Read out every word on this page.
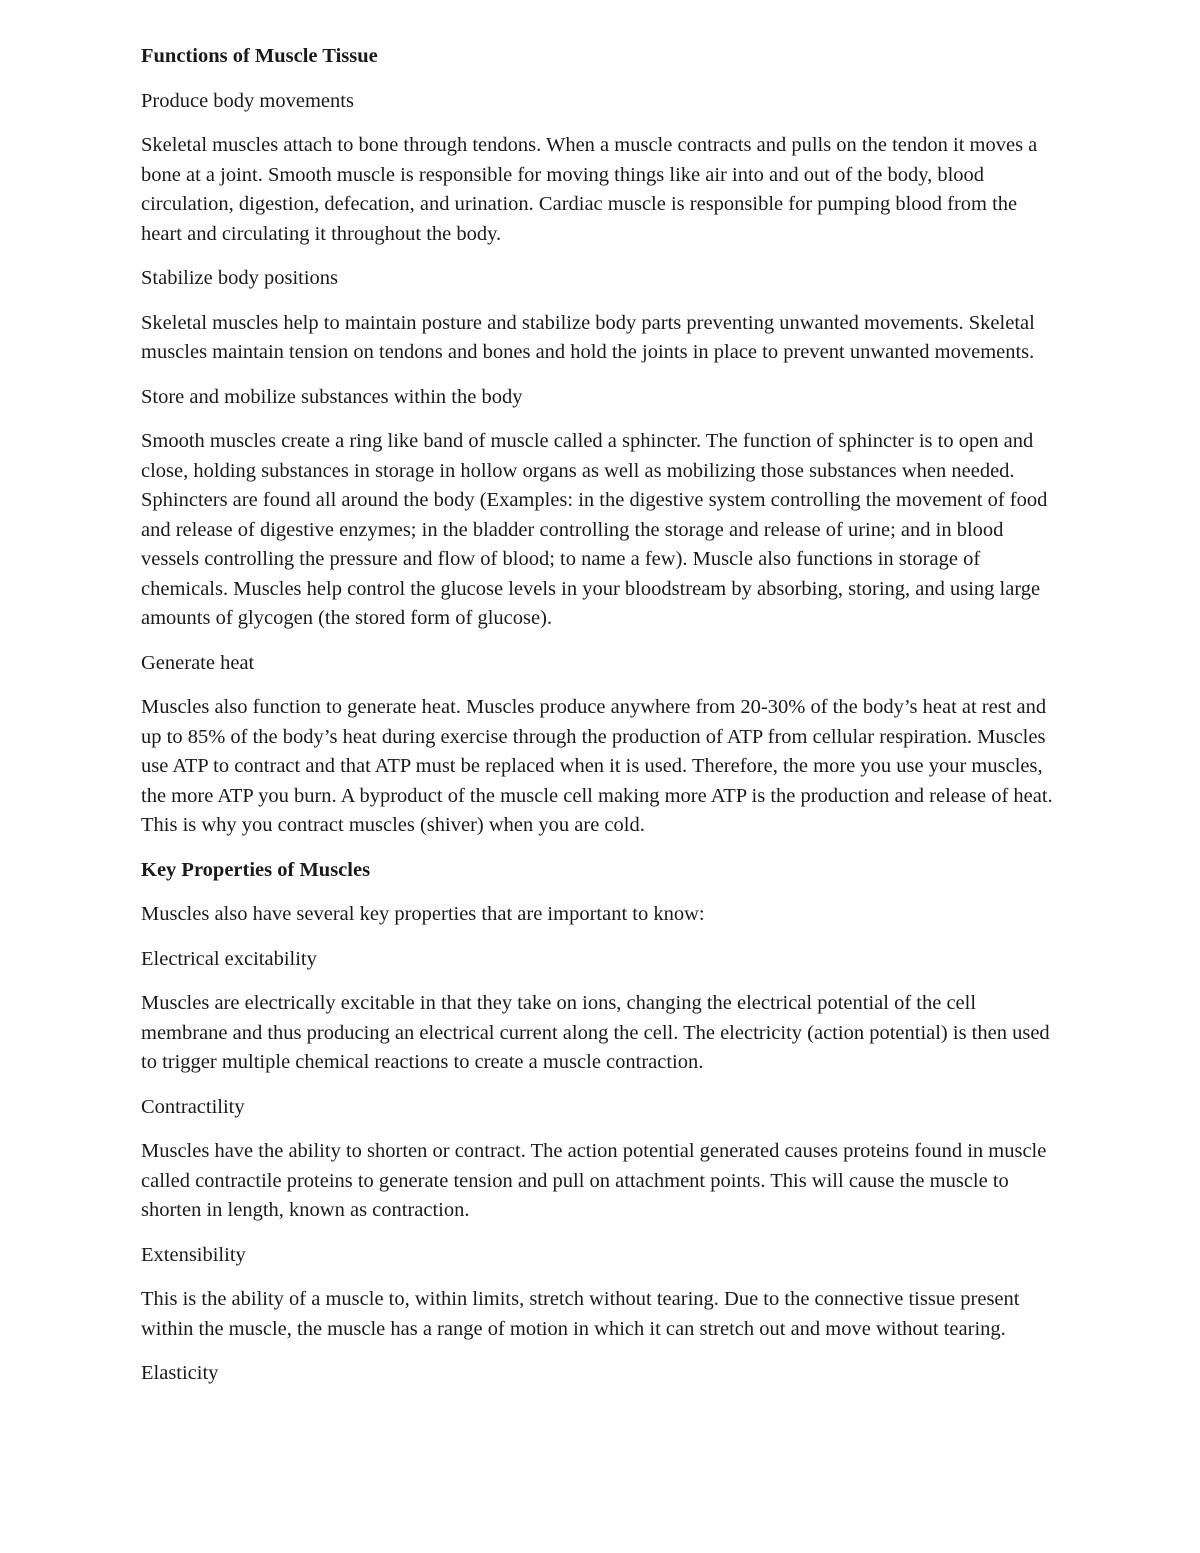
Functions of Muscle Tissue
Produce body movements
Skeletal muscles attach to bone through tendons. When a muscle contracts and pulls on the tendon it moves a bone at a joint. Smooth muscle is responsible for moving things like air into and out of the body, blood circulation, digestion, defecation, and urination. Cardiac muscle is responsible for pumping blood from the heart and circulating it throughout the body.
Stabilize body positions
Skeletal muscles help to maintain posture and stabilize body parts preventing unwanted movements. Skeletal muscles maintain tension on tendons and bones and hold the joints in place to prevent unwanted movements.
Store and mobilize substances within the body
Smooth muscles create a ring like band of muscle called a sphincter. The function of sphincter is to open and close, holding substances in storage in hollow organs as well as mobilizing those substances when needed. Sphincters are found all around the body (Examples: in the digestive system controlling the movement of food and release of digestive enzymes; in the bladder controlling the storage and release of urine; and in blood vessels controlling the pressure and flow of blood; to name a few). Muscle also functions in storage of chemicals. Muscles help control the glucose levels in your bloodstream by absorbing, storing, and using large amounts of glycogen (the stored form of glucose).
Generate heat
Muscles also function to generate heat. Muscles produce anywhere from 20-30% of the body’s heat at rest and up to 85% of the body’s heat during exercise through the production of ATP from cellular respiration. Muscles use ATP to contract and that ATP must be replaced when it is used. Therefore, the more you use your muscles, the more ATP you burn. A byproduct of the muscle cell making more ATP is the production and release of heat. This is why you contract muscles (shiver) when you are cold.
Key Properties of Muscles
Muscles also have several key properties that are important to know:
Electrical excitability
Muscles are electrically excitable in that they take on ions, changing the electrical potential of the cell membrane and thus producing an electrical current along the cell. The electricity (action potential) is then used to trigger multiple chemical reactions to create a muscle contraction.
Contractility
Muscles have the ability to shorten or contract. The action potential generated causes proteins found in muscle called contractile proteins to generate tension and pull on attachment points. This will cause the muscle to shorten in length, known as contraction.
Extensibility
This is the ability of a muscle to, within limits, stretch without tearing. Due to the connective tissue present within the muscle, the muscle has a range of motion in which it can stretch out and move without tearing.
Elasticity
